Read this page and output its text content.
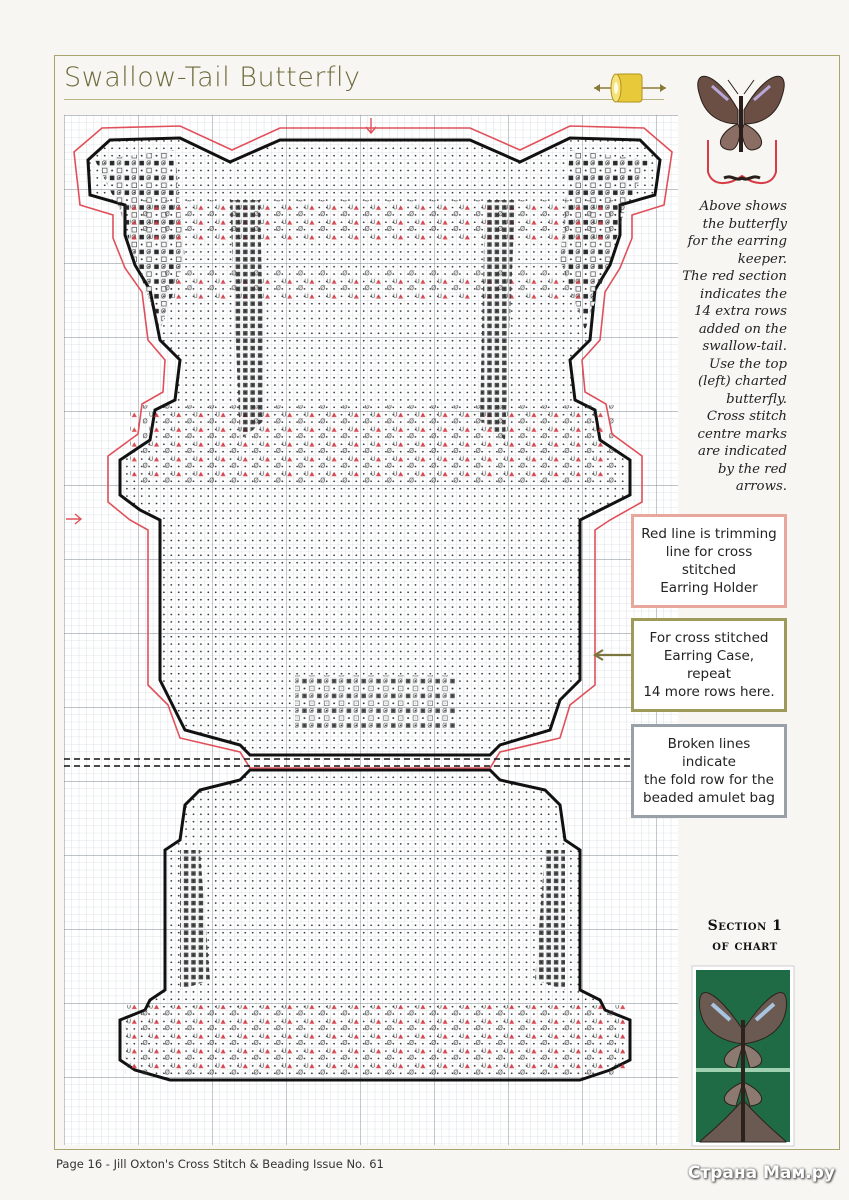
Swallow-Tail Butterfly
Above shows
the butterfly
for the earring
keeper.
The red section
indicates the
14 extra rows
added on the
swallow-tail.
Use the top
(left) charted
butterfly.
Cross stitch
centre marks
are indicated
by the red
arrows.
Red line is trimming
line for cross stitched
Earring Holder
For cross stitched
Earring Case, repeat
14 more rows here.
Broken lines indicate
the fold row for the
beaded amulet bag
Section 1
of chart
Page 16 - Jill Oxton's Cross Stitch & Beading Issue No. 61	Страна Мам.ру
